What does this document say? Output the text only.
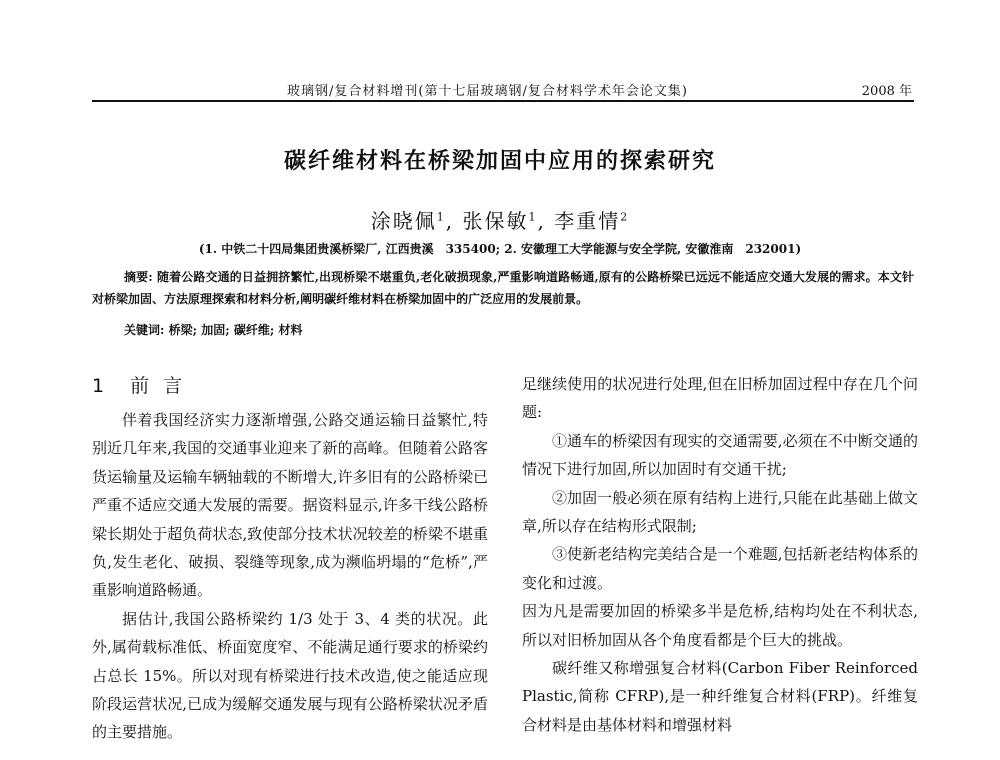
玻璃钢/复合材料增刊(第十七届玻璃钢/复合材料学术年会论文集)	2008 年
碳纤维材料在桥梁加固中应用的探索研究
涂晓佩$^1$, 张保敏$^1$, 李重情$^2$
(1. 中铁二十四局集团贵溪桥梁厂, 江西贵溪　335400; 2. 安徽理工大学能源与安全学院, 安徽淮南　232001)
摘要: 随着公路交通的日益拥挤繁忙,出现桥梁不堪重负,老化破损现象,严重影响道路畅通,原有的公路桥梁已远远不能适应交通大发展的需求。本文针对桥梁加固、方法原理探索和材料分析,阐明碳纤维材料在桥梁加固中的广泛应用的发展前景。
关键词: 桥梁; 加固; 碳纤维; 材料
1 前言

伴着我国经济实力逐渐增强,公路交通运输日益繁忙,特别近几年来,我国的交通事业迎来了新的高峰。但随着公路客货运输量及运输车辆轴载的不断增大,许多旧有的公路桥梁已严重不适应交通大发展的需要。据资料显示,许多干线公路桥梁长期处于超负荷状态,致使部分技术状况较差的桥梁不堪重负,发生老化、破损、裂缝等现象,成为濒临坍塌的“危桥”,严重影响道路畅通。

据估计,我国公路桥梁约 1/3 处于 3、4 类的状况。此外,属荷载标准低、桥面宽度窄、不能满足通行要求的桥梁约占总长 15%。所以对现有桥梁进行技术改造,使之能适应现阶段运营状况,已成为缓解交通发展与现有公路桥梁状况矛盾的主要措施。

足继续使用的状况进行处理,但在旧桥加固过程中存在几个问题:

①通车的桥梁因有现实的交通需要,必须在不中断交通的情况下进行加固,所以加固时有交通干扰;

②加固一般必须在原有结构上进行,只能在此基础上做文章,所以存在结构形式限制;

③使新老结构完美结合是一个难题,包括新老结构体系的变化和过渡。

因为凡是需要加固的桥梁多半是危桥,结构均处在不利状态,所以对旧桥加固从各个角度看都是个巨大的挑战。

碳纤维又称增强复合材料(Carbon Fiber Reinforced Plastic,简称 CFRP),是一种纤维复合材料(FRP)。纤维复合材料是由基体材料和增强材料
